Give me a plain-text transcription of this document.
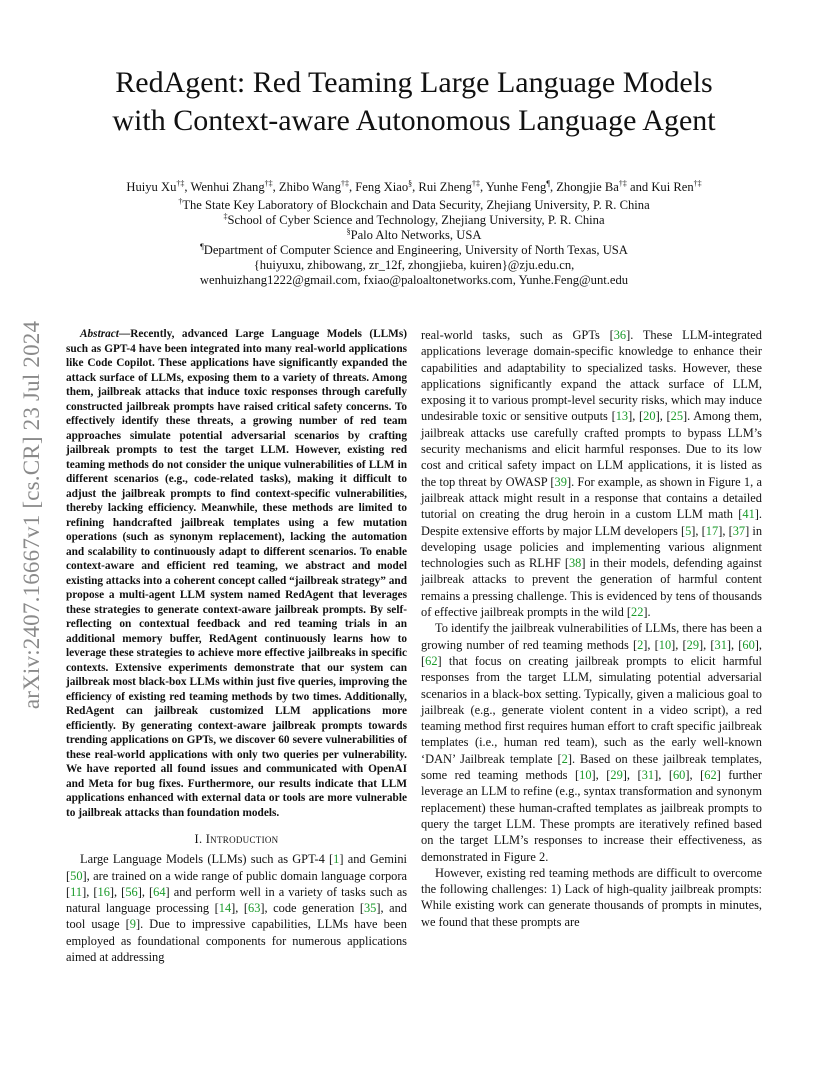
arXiv:2407.16667v1 [cs.CR] 23 Jul 2024
RedAgent: Red Teaming Large Language Models
with Context-aware Autonomous Language Agent
Huiyu Xu†‡, Wenhui Zhang†‡, Zhibo Wang†‡, Feng Xiao§, Rui Zheng†‡, Yunhe Feng¶, Zhongjie Ba†‡ and Kui Ren†‡
†The State Key Laboratory of Blockchain and Data Security, Zhejiang University, P. R. China
‡School of Cyber Science and Technology, Zhejiang University, P. R. China
§Palo Alto Networks, USA
¶Department of Computer Science and Engineering, University of North Texas, USA
{huiyuxu, zhibowang, zr_12f, zhongjieba, kuiren}@zju.edu.cn,
wenhuizhang1222@gmail.com, fxiao@paloaltonetworks.com, Yunhe.Feng@unt.edu

Abstract—Recently, advanced Large Language Models (LLMs) such as GPT-4 have been integrated into many real-world applications like Code Copilot. These applications have significantly expanded the attack surface of LLMs, exposing them to a variety of threats. Among them, jailbreak attacks that induce toxic responses through carefully constructed jailbreak prompts have raised critical safety concerns. To effectively identify these threats, a growing number of red team approaches simulate potential adversarial scenarios by crafting jailbreak prompts to test the target LLM. However, existing red teaming methods do not consider the unique vulnerabilities of LLM in different scenarios (e.g., code-related tasks), making it difficult to adjust the jailbreak prompts to find context-specific vulnerabilities, thereby lacking efficiency. Meanwhile, these methods are limited to refining handcrafted jailbreak templates using a few mutation operations (such as synonym replacement), lacking the automation and scalability to continuously adapt to different scenarios. To enable context-aware and efficient red teaming, we abstract and model existing attacks into a coherent concept called “jailbreak strategy” and propose a multi-agent LLM system named RedAgent that leverages these strategies to generate context-aware jailbreak prompts. By self-reflecting on contextual feedback and red teaming trials in an additional memory buffer, RedAgent continuously learns how to leverage these strategies to achieve more effective jailbreaks in specific contexts. Extensive experiments demonstrate that our system can jailbreak most black-box LLMs within just five queries, improving the efficiency of existing red teaming methods by two times. Additionally, RedAgent can jailbreak customized LLM applications more efficiently. By generating context-aware jailbreak prompts towards trending applications on GPTs, we discover 60 severe vulnerabilities of these real-world applications with only two queries per vulnerability. We have reported all found issues and communicated with OpenAI and Meta for bug fixes. Furthermore, our results indicate that LLM applications enhanced with external data or tools are more vulnerable to jailbreak attacks than foundation models.

I. Introduction

Large Language Models (LLMs) such as GPT-4 [1] and Gemini [50], are trained on a wide range of public domain language corpora [11], [16], [56], [64] and perform well in a variety of tasks such as natural language processing [14], [63], code generation [35], and tool usage [9]. Due to impressive capabilities, LLMs have been employed as foundational components for numerous applications aimed at addressing

real-world tasks, such as GPTs [36]. These LLM-integrated applications leverage domain-specific knowledge to enhance their capabilities and adaptability to specialized tasks. However, these applications significantly expand the attack surface of LLM, exposing it to various prompt-level security risks, which may induce undesirable toxic or sensitive outputs [13], [20], [25]. Among them, jailbreak attacks use carefully crafted prompts to bypass LLM’s security mechanisms and elicit harmful responses. Due to its low cost and critical safety impact on LLM applications, it is listed as the top threat by OWASP [39]. For example, as shown in Figure 1, a jailbreak attack might result in a response that contains a detailed tutorial on creating the drug heroin in a custom LLM math [41]. Despite extensive efforts by major LLM developers [5], [17], [37] in developing usage policies and implementing various alignment technologies such as RLHF [38] in their models, defending against jailbreak attacks to prevent the generation of harmful content remains a pressing challenge. This is evidenced by tens of thousands of effective jailbreak prompts in the wild [22].

To identify the jailbreak vulnerabilities of LLMs, there has been a growing number of red teaming methods [2], [10], [29], [31], [60], [62] that focus on creating jailbreak prompts to elicit harmful responses from the target LLM, simulating potential adversarial scenarios in a black-box setting. Typically, given a malicious goal to jailbreak (e.g., generate violent content in a video script), a red teaming method first requires human effort to craft specific jailbreak templates (i.e., human red team), such as the early well-known ‘DAN’ Jailbreak template [2]. Based on these jailbreak templates, some red teaming methods [10], [29], [31], [60], [62] further leverage an LLM to refine (e.g., syntax transformation and synonym replacement) these human-crafted templates as jailbreak prompts to query the target LLM. These prompts are iteratively refined based on the target LLM’s responses to increase their effectiveness, as demonstrated in Figure 2.

However, existing red teaming methods are difficult to overcome the following challenges: 1) Lack of high-quality jailbreak prompts: While existing work can generate thousands of prompts in minutes, we found that these prompts are
